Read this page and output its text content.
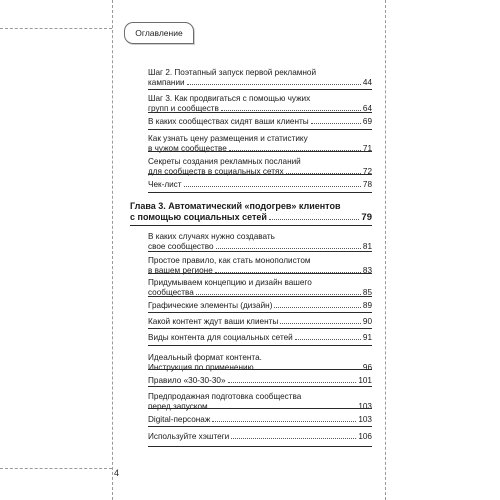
Оглавление
Шаг 2. Поэтапный запуск первой рекламной
кампании	44
Шаг 3. Как продвигаться с помощью чужих
групп и сообществ	64
В каких сообществах сидят ваши клиенты	69
Как узнать цену размещения и статистику
в чужом сообществе	71
Секреты создания рекламных посланий
для сообществ в социальных сетях	72
Чек-лист	78
Глава 3. Автоматический «подогрев» клиентов
с помощью социальных сетей	79
В каких случаях нужно создавать
свое сообщество	81
Простое правило, как стать монополистом
в вашем регионе	83
Придумываем концепцию и дизайн вашего
сообщества	85
Графические элементы (дизайн)	89
Какой контент ждут ваши клиенты	90
Виды контента для социальных сетей	91
Идеальный формат контента.
Инструкция по применению	96
Правило «30-30-30»	101
Предпродажная подготовка сообщества
перед запуском	103
Digital-персонаж	103
Используйте хэштеги	106
4
